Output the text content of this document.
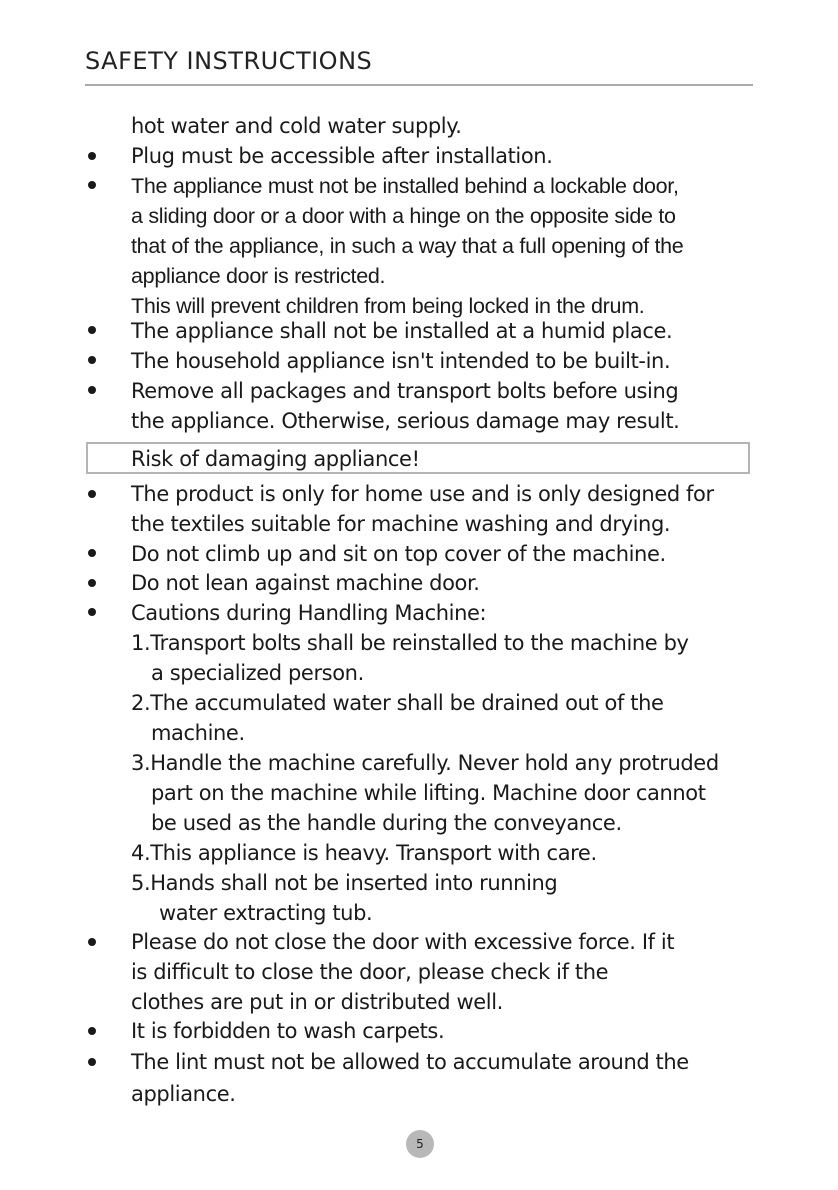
SAFETY INSTRUCTIONS
hot water and cold water supply.
Plug must be accessible after installation.
The appliance must not be installed behind a lockable door,
a sliding door or a door with a hinge on the opposite side to
that of the appliance, in such a way that a full opening of the
appliance door is restricted.
This will prevent children from being locked in the drum.
The appliance shall not be installed at a humid place.
The household appliance isn't intended to be built-in.
Remove all packages and transport bolts before using
the appliance. Otherwise, serious damage may result.
Risk of damaging appliance!
The product is only for home use and is only designed for
the textiles suitable for machine washing and drying.
Do not climb up and sit on top cover of the machine.
Do not lean against machine door.
Cautions during Handling Machine:
1.Transport bolts shall be reinstalled to the machine by
a specialized person.
2.The accumulated water shall be drained out of the
machine.
3.Handle the machine carefully. Never hold any protruded
part on the machine while lifting. Machine door cannot
be used as the handle during the conveyance.
4.This appliance is heavy. Transport with care.
5.Hands shall not be inserted into running
water extracting tub.
Please do not close the door with excessive force. If it
is difficult to close the door, please check if the
clothes are put in or distributed well.
It is forbidden to wash carpets.
The lint must not be allowed to accumulate around the
appliance.
5
